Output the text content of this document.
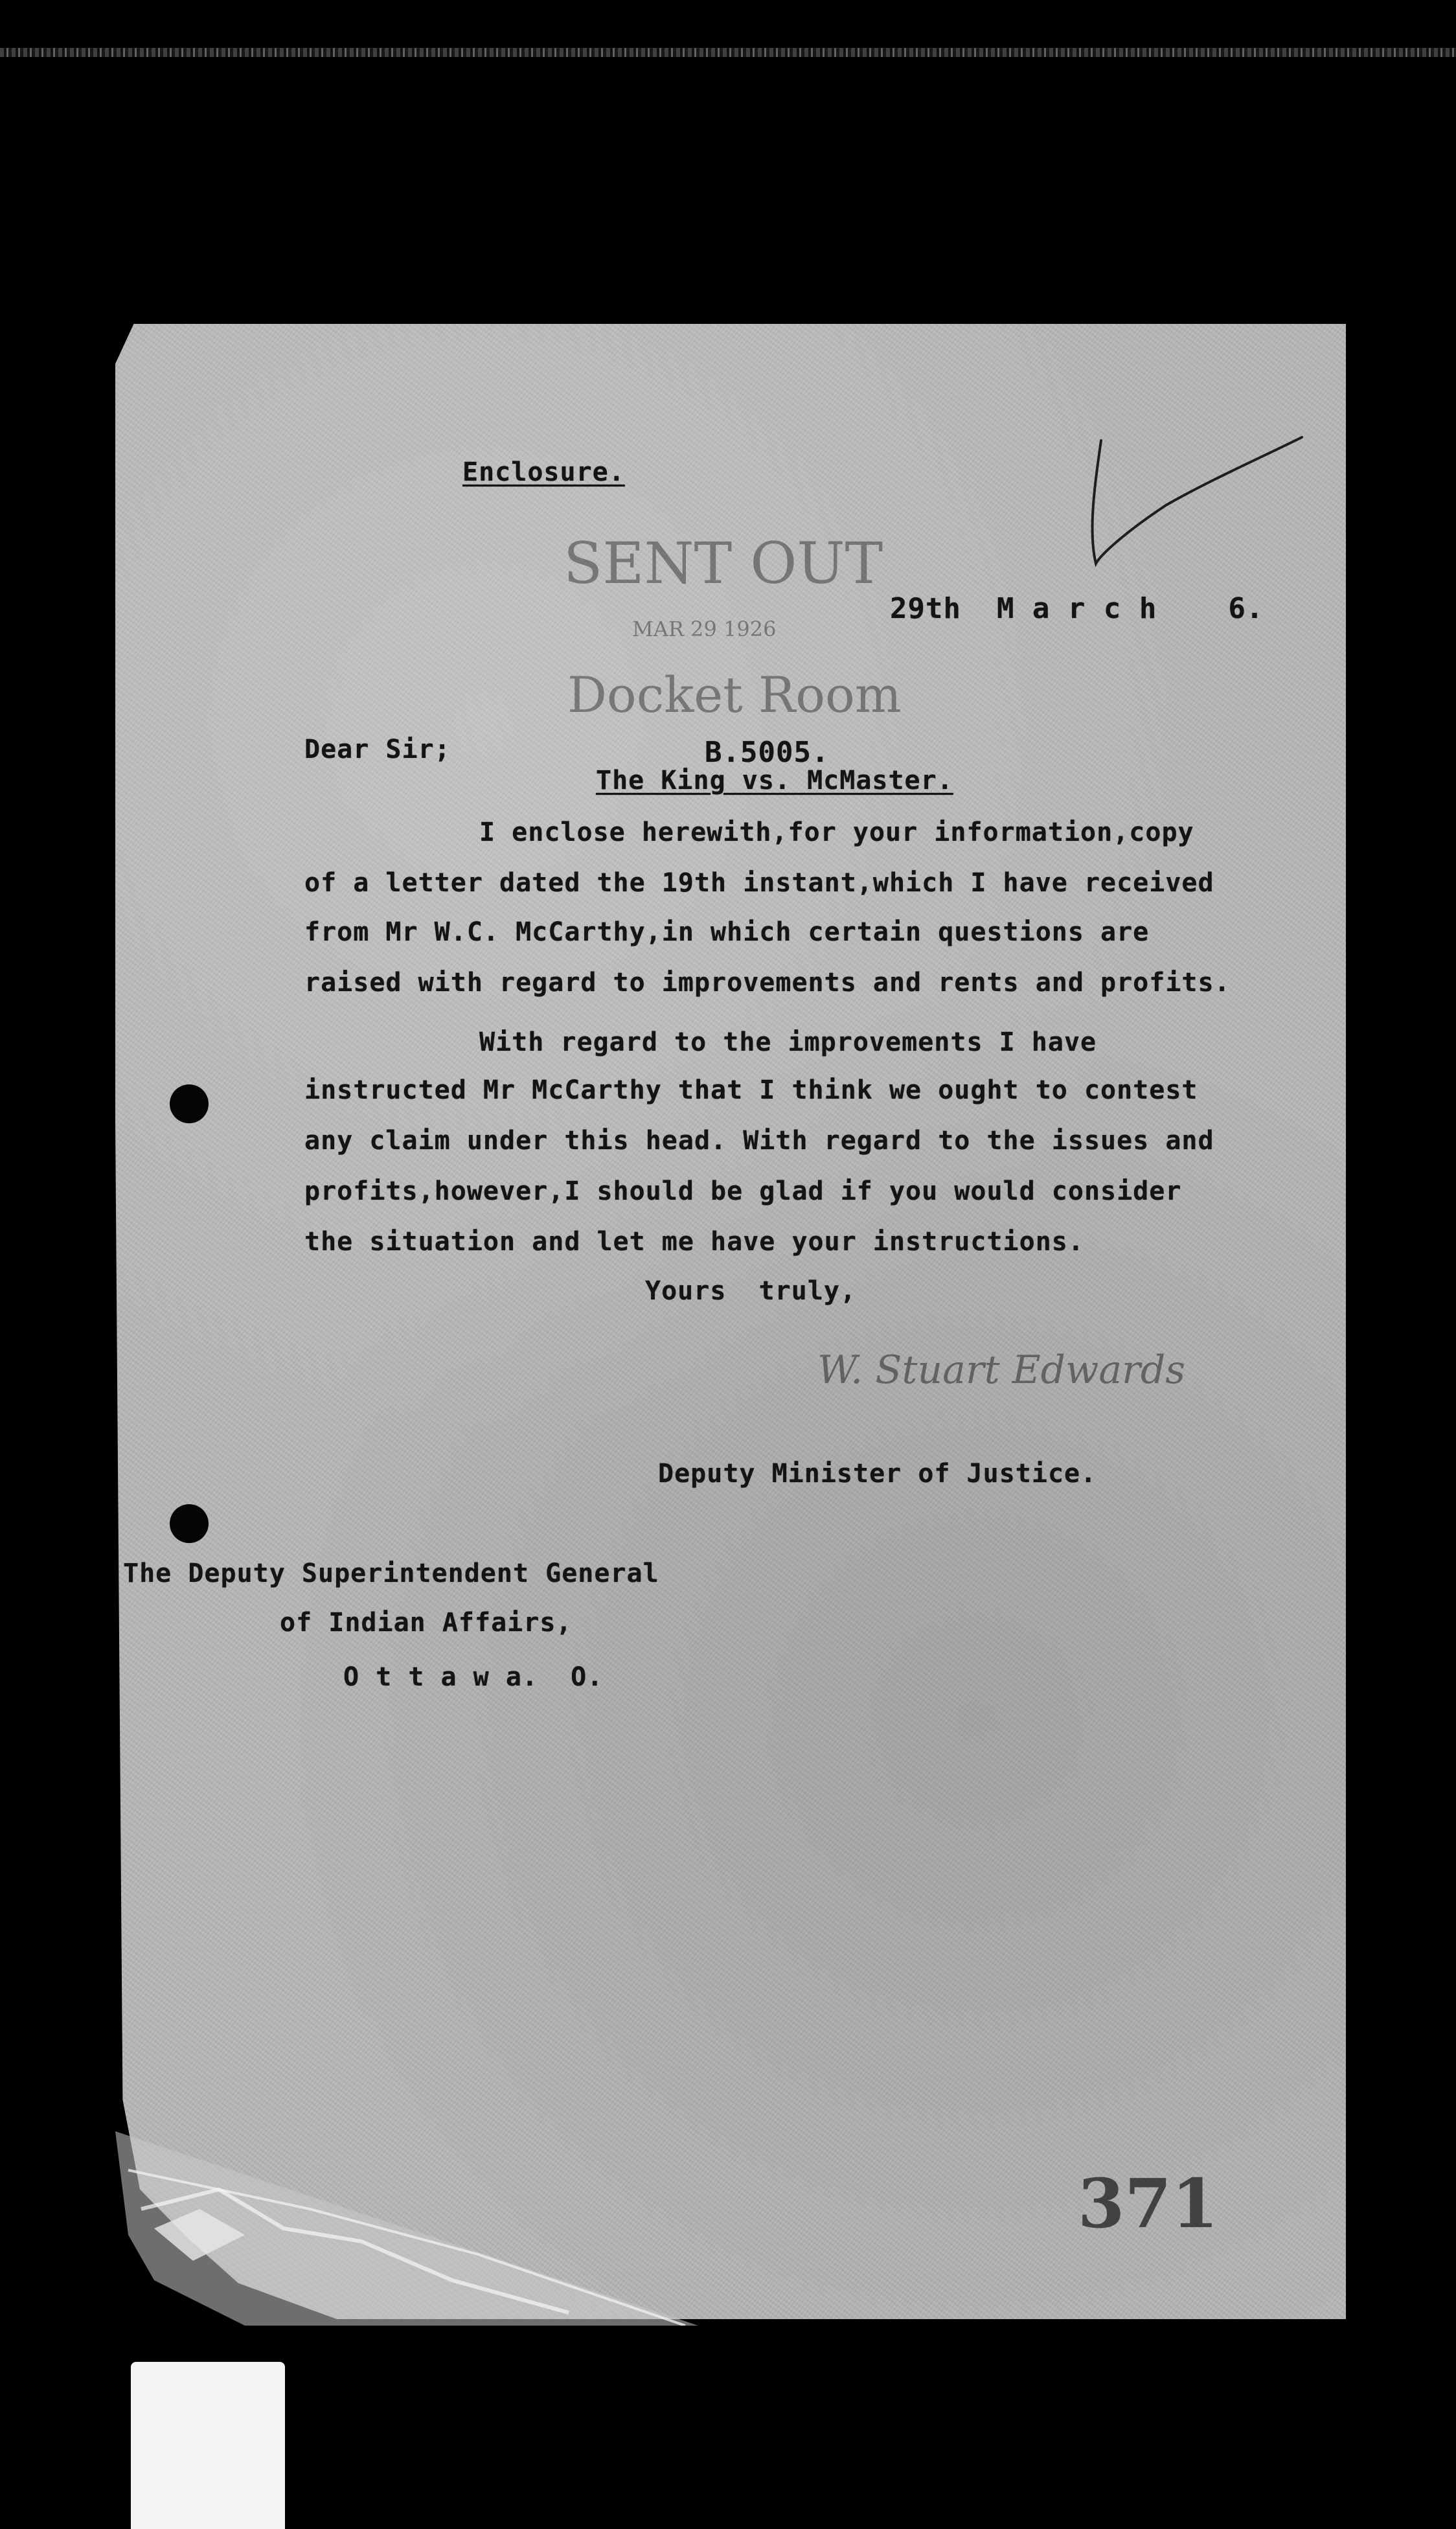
Enclosure.
SENT OUT
MAR 29 1926
Docket Room
29th  M a r c h    6.
Dear Sir;	B.5005.
The King vs. McMaster.
I enclose herewith,for your information,copy
of a letter dated the 19th instant,which I have received
from Mr W.C. McCarthy,in which certain questions are
raised with regard to improvements and rents and profits.
With regard to the improvements I have
instructed Mr McCarthy that I think we ought to contest
any claim under this head. With regard to the issues and
profits,however,I should be glad if you would consider
the situation and let me have your instructions.
Yours  truly,
W. Stuart Edwards
Deputy Minister of Justice.
The Deputy Superintendent General
of Indian Affairs,
O t t a w a.  O.
371
